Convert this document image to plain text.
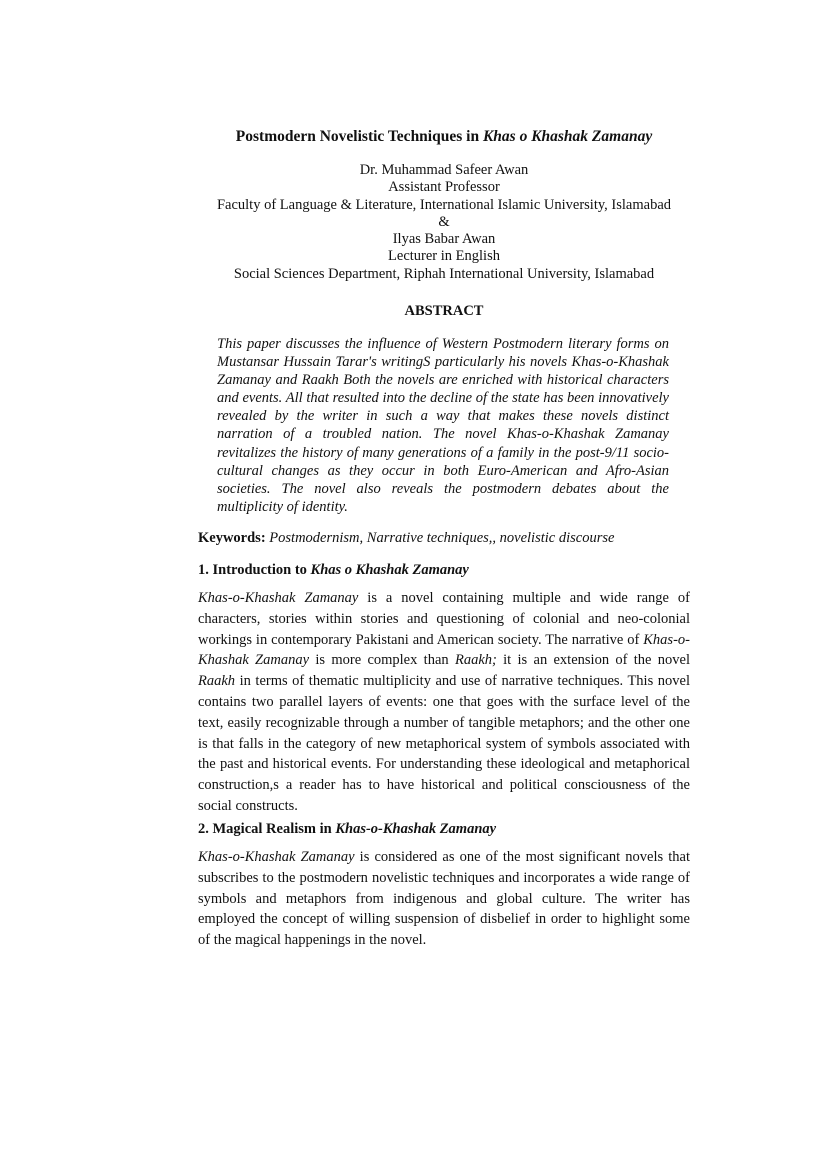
Postmodern Novelistic Techniques in Khas o Khashak Zamanay
Dr. Muhammad Safeer Awan
Assistant Professor
Faculty of Language & Literature, International Islamic University, Islamabad
&
Ilyas Babar Awan
Lecturer in English
Social Sciences Department, Riphah International University, Islamabad
ABSTRACT

This paper discusses the influence of Western Postmodern literary forms on Mustansar Hussain Tarar's writingS particularly his novels Khas-o-Khashak Zamanay and Raakh Both the novels are enriched with historical characters and events. All that resulted into the decline of the state has been innovatively revealed by the writer in such a way that makes these novels distinct narration of a troubled nation. The novel Khas-o-Khashak Zamanay revitalizes the history of many generations of a family in the post-9/11 socio-cultural changes as they occur in both Euro-American and Afro-Asian societies. The novel also reveals the postmodern debates about the multiplicity of identity.

Keywords: Postmodernism, Narrative techniques,, novelistic discourse

1. Introduction to Khas o Khashak Zamanay

Khas-o-Khashak Zamanay is a novel containing multiple and wide range of characters, stories within stories and questioning of colonial and neo-colonial workings in contemporary Pakistani and American society. The narrative of Khas-o-Khashak Zamanay is more complex than Raakh; it is an extension of the novel Raakh in terms of thematic multiplicity and use of narrative techniques. This novel contains two parallel layers of events: one that goes with the surface level of the text, easily recognizable through a number of tangible metaphors; and the other one is that falls in the category of new metaphorical system of symbols associated with the past and historical events. For understanding these ideological and metaphorical construction,s a reader has to have historical and political consciousness of the social constructs.

2. Magical Realism in Khas-o-Khashak Zamanay

Khas-o-Khashak Zamanay is considered as one of the most significant novels that subscribes to the postmodern novelistic techniques and incorporates a wide range of symbols and metaphors from indigenous and global culture. The writer has employed the concept of willing suspension of disbelief in order to highlight some of the magical happenings in the novel.
